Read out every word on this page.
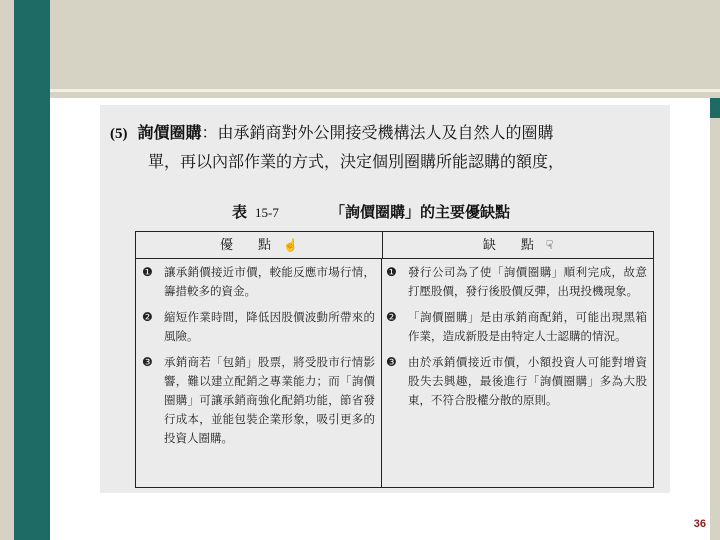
(5) 詢價圈購：由承銷商對外公開接受機構法人及自然人的圈購
單，再以內部作業的方式，決定個別圈購所能認購的額度，
表 15-7	「詢價圈購」的主要優缺點
優　點 ☝	缺　點 ☟
❶ 讓承銷價接近市價，較能反應市場行情，籌措較多的資金。
❷ 縮短作業時間，降低因股價波動所帶來的風險。
❸ 承銷商若「包銷」股票，將受股市行情影響，難以建立配銷之專業能力；而「詢價圈購」可讓承銷商強化配銷功能，節省發行成本，並能包裝企業形象，吸引更多的投資人圈購。
❶ 發行公司為了使「詢價圈購」順利完成，故意打壓股價，發行後股價反彈，出現投機現象。
❷ 「詢價圈購」是由承銷商配銷，可能出現黑箱作業，造成新股是由特定人士認購的情況。
❸ 由於承銷價接近市價，小額投資人可能對增資股失去興趣，最後進行「詢價圈購」多為大股東，不符合股權分散的原則。
36
